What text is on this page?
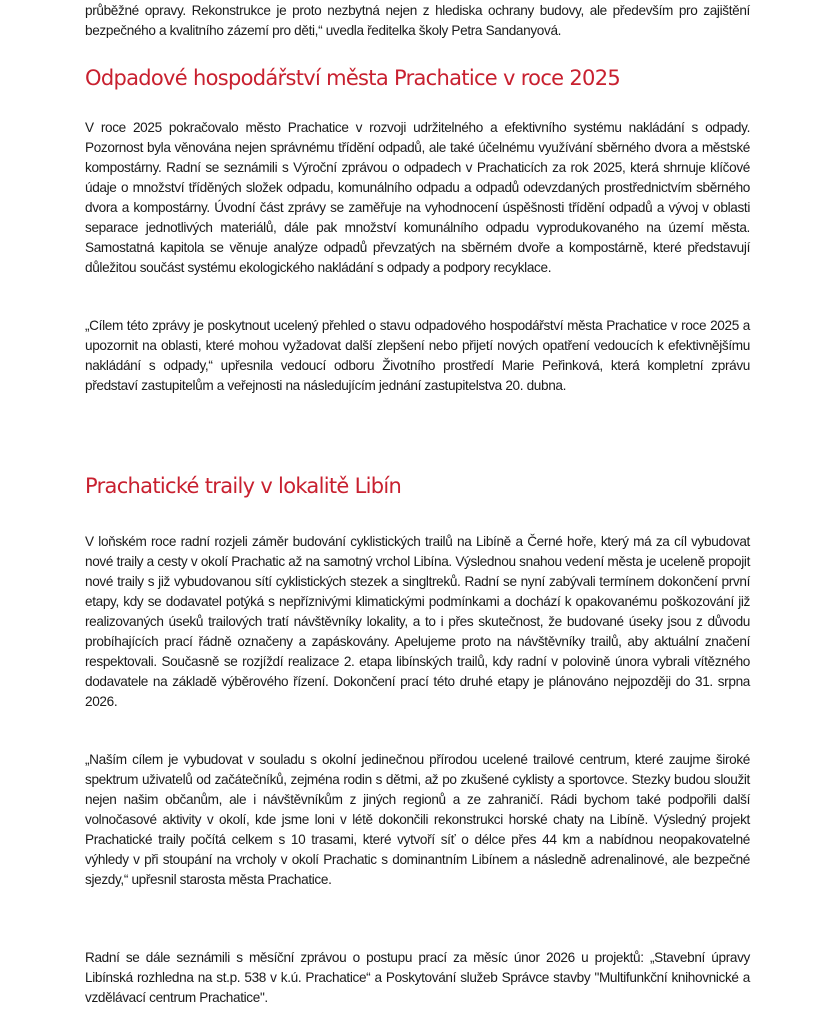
průběžné opravy. Rekonstrukce je proto nezbytná nejen z hlediska ochrany budovy, ale především pro zajištění bezpečného a kvalitního zázemí pro děti,“ uvedla ředitelka školy Petra Sandanyová.

Odpadové hospodářství města Prachatice v roce 2025

V roce 2025 pokračovalo město Prachatice v rozvoji udržitelného a efektivního systému nakládání s odpady. Pozornost byla věnována nejen správnému třídění odpadů, ale také účelnému využívání sběrného dvora a městské kompostárny. Radní se seznámili s Výroční zprávou o odpadech v Prachaticích za rok 2025, která shrnuje klíčové údaje o množství tříděných složek odpadu, komunálního odpadu a odpadů odevzdaných prostřednictvím sběrného dvora a kompostárny. Úvodní část zprávy se zaměřuje na vyhodnocení úspěšnosti třídění odpadů a vývoj v oblasti separace jednotlivých materiálů, dále pak množství komunálního odpadu vyprodukovaného na území města. Samostatná kapitola se věnuje analýze odpadů převzatých na sběrném dvoře a kompostárně, které představují důležitou součást systému ekologického nakládání s odpady a podpory recyklace.

„Cílem této zprávy je poskytnout ucelený přehled o stavu odpadového hospodářství města Prachatice v roce 2025 a upozornit na oblasti, které mohou vyžadovat další zlepšení nebo přijetí nových opatření vedoucích k efektivnějšímu nakládání s odpady,“ upřesnila vedoucí odboru Životního prostředí Marie Peřinková, která kompletní zprávu představí zastupitelům a veřejnosti na následujícím jednání zastupitelstva 20. dubna.

Prachatické traily v lokalitě Libín

V loňském roce radní rozjeli záměr budování cyklistických trailů na Libíně a Černé hoře, který má za cíl vybudovat nové traily a cesty v okolí Prachatic až na samotný vrchol Libína. Výslednou snahou vedení města je uceleně propojit nové traily s již vybudovanou sítí cyklistických stezek a singltreků. Radní se nyní zabývali termínem dokončení první etapy, kdy se dodavatel potýká s nepříznivými klimatickými podmínkami a dochází k opakovanému poškozování již realizovaných úseků trailových tratí návštěvníky lokality, a to i přes skutečnost, že budované úseky jsou z důvodu probíhajících prací řádně označeny a zapáskovány. Apelujeme proto na návštěvníky trailů, aby aktuální značení respektovali. Současně se rozjíždí realizace 2. etapa libínských trailů, kdy radní v polovině února vybrali vítězného dodavatele na základě výběrového řízení. Dokončení prací této druhé etapy je plánováno nejpozději do 31. srpna 2026.

„Naším cílem je vybudovat v souladu s okolní jedinečnou přírodou ucelené trailové centrum, které zaujme široké spektrum uživatelů od začátečníků, zejména rodin s dětmi, až po zkušené cyklisty a sportovce. Stezky budou sloužit nejen našim občanům, ale i návštěvníkům z jiných regionů a ze zahraničí. Rádi bychom také podpořili další volnočasové aktivity v okolí, kde jsme loni v létě dokončili rekonstrukci horské chaty na Libíně. Výsledný projekt Prachatické traily počítá celkem s 10 trasami, které vytvoří síť o délce přes 44 km a nabídnou neopakovatelné výhledy v při stoupání na vrcholy v okolí Prachatic s dominantním Libínem a následně adrenalinové, ale bezpečné sjezdy,“ upřesnil starosta města Prachatice.

Radní se dále seznámili s měsíční zprávou o postupu prací za měsíc únor 2026 u projektů: „Stavební úpravy Libínská rozhledna na st.p. 538 v k.ú. Prachatice“ a Poskytování služeb Správce stavby "Multifunkční knihovnické a vzdělávací centrum Prachatice".
